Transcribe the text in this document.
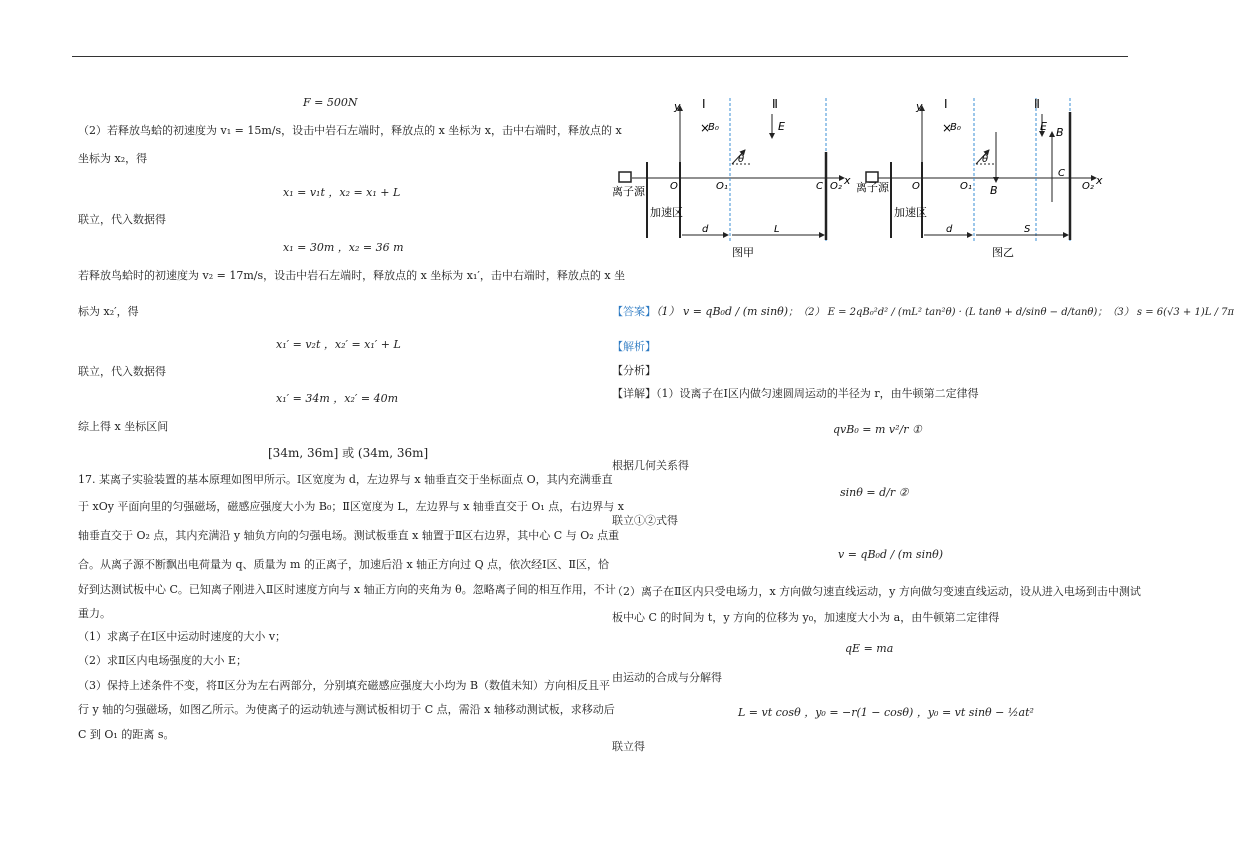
F = 500N
（2）若释放鸟蛤的初速度为 v₁ = 15m/s，设击中岩石左端时，释放点的 x 坐标为 x，击中右端时，释放点的 x
坐标为 x₂，得
x₁ = v₁t ，x₂ = x₁ + L
联立，代入数据得
x₁ = 30m ，x₂ = 36 m
若释放鸟蛤时的初速度为 v₂ = 17m/s，设击中岩石左端时，释放点的 x 坐标为 x₁′，击中右端时，释放点的 x 坐
标为 x₂′，得
x₁′ = v₂t ，x₂′ = x₁′ + L
联立，代入数据得
x₁′ = 34m ，x₂′ = 40m
综上得 x 坐标区间
[34m, 36m] 或 (34m, 36m]
17. 某离子实验装置的基本原理如图甲所示。Ⅰ区宽度为 d，左边界与 x 轴垂直交于坐标面点 O，其内充满垂直
于 xOy 平面向里的匀强磁场，磁感应强度大小为 B₀；Ⅱ区宽度为 L，左边界与 x 轴垂直交于 O₁ 点，右边界与 x
轴垂直交于 O₂ 点，其内充满沿 y 轴负方向的匀强电场。测试板垂直 x 轴置于Ⅱ区右边界，其中心 C 与 O₂ 点重
合。从离子源不断飘出电荷量为 q、质量为 m 的正离子，加速后沿 x 轴正方向过 Q 点，依次经Ⅰ区、Ⅱ区，恰
好到达测试板中心 C。已知离子刚进入Ⅱ区时速度方向与 x 轴正方向的夹角为 θ。忽略离子间的相互作用，不计
重力。
（1）求离子在Ⅰ区中运动时速度的大小 v；
（2）求Ⅱ区内电场强度的大小 E；
（3）保持上述条件不变，将Ⅱ区分为左右两部分，分别填充磁感应强度大小均为 B（数值未知）方向相反且平
行 y 轴的匀强磁场，如图乙所示。为使离子的运动轨迹与测试板相切于 C 点，需沿 x 轴移动测试板，求移动后
C 到 O₁ 的距离 s。
×
y
x
Ⅰ	Ⅱ
B₀	E
θ
O	O₁	C O₂
离子源
加速区
d	L
图甲
×
y
x
Ⅰ	Ⅱ
B₀	E B
B
θ
O	O₁
C
O₂
离子源
加速区
d	S
图乙
【答案】（1） v = qB₀d / (m sinθ)；（2） E = 2qB₀²d² / (mL² tan²θ) · (L tanθ + d/sinθ − d/tanθ)；（3） s = 6(√3 + 1)L / 7π
【解析】
【分析】
【详解】（1）设离子在Ⅰ区内做匀速圆周运动的半径为 r，由牛顿第二定律得
qvB₀ = m v²/r ①
根据几何关系得
sinθ = d/r ②
联立①②式得
v = qB₀d / (m sinθ)
（2）离子在Ⅱ区内只受电场力，x 方向做匀速直线运动，y 方向做匀变速直线运动，设从进入电场到击中测试
板中心 C 的时间为 t，y 方向的位移为 y₀，加速度大小为 a，由牛顿第二定律得
qE = ma
由运动的合成与分解得
L = vt cosθ ，y₀ = −r(1 − cosθ) ，y₀ = vt sinθ − ½at²
联立得
